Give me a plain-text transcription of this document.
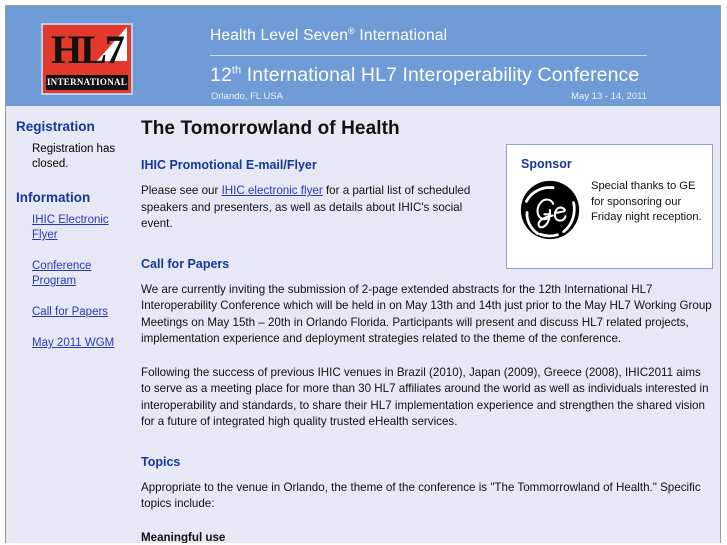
HL7
INTERNATIONAL
Health Level Seven® International
12th International HL7 Interoperability Conference
Orlando, FL USA	May 13 - 14, 2011
Registration
Registration has closed.
Information
IHIC Electronic Flyer
Conference Program
Call for Papers
May 2011 WGM
Sponsor
Special thanks to GE for sponsoring our Friday night reception.
The Tomorrowland of Health
IHIC Promotional E-mail/Flyer

Please see our IHIC electronic flyer for a partial list of scheduled speakers and presenters, as well as details about IHIC's social event.

Call for Papers

We are currently inviting the submission of 2-page extended abstracts for the 12th International HL7 Interoperability Conference which will be held in on May 13th and 14th just prior to the May HL7 Working Group Meetings on May 15th – 20th in Orlando Florida. Participants will present and discuss HL7 related projects, implementation experience and deployment strategies related to the theme of the conference.

Following the success of previous IHIC venues in Brazil (2010), Japan (2009), Greece (2008), IHIC2011 aims to serve as a meeting place for more than 30 HL7 affiliates around the world as well as individuals interested in interoperability and standards, to share their HL7 implementation experience and strengthen the shared vision for a future of integrated high quality trusted eHealth services.

Topics

Appropriate to the venue in Orlando, the theme of the conference is "The Tommorrowland of Health." Specific topics include:

Meaningful use
